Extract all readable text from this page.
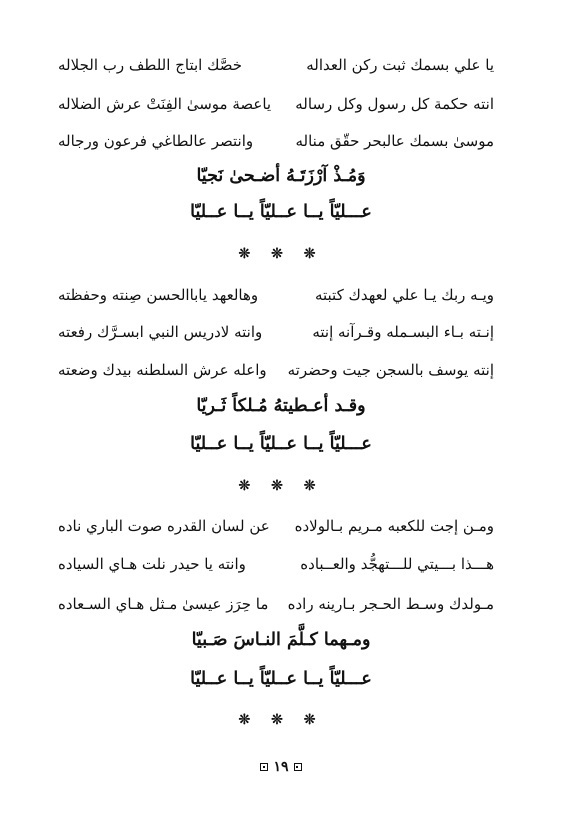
يا علي بسمك ثبت ركن العداله
خصَّك ابتاج اللطف رب الجلاله
انته حكمة كل رسول وكل رساله
ياعصة موسىٰ الفِنَتْ عرش الضلاله
موسىٰ بسمك عالبحر حقّق مناله
وانتصر عالطاغي فرعون ورجاله
وَمُـذْ آرْزَتَـهُ أضـحىٰ نَجيّا
عـــليّاً يــا عــليّاً يــا عــليّا
❊ ❊ ❊
ويـه ربك يـا علي لعهدك كتبته
وهالعهد ياباالحسن صِنته وحفظته
إنـته بـاء البسـمله وقـرآنه إنته
وانته لادريس النبي ابسـرَّك رفعته
إنته يوسف بالسجن جيت وحضرته
واعله عرش السلطنه بيدك وضعته
وقـد أعـطيتهُ مُـلكاً ثَـريّا
عـــليّاً يــا عــليّاً يــا عــليّا
❊ ❊ ❊
ومـن إجت للكعبه مـريم بـالولاده
عن لسان القدره صوت الباري ناده
هـــذا بـــيتي للـــتهجُّد والعــباده
وانته يا حيدر نلت هـاي السياده
مـولدك وسـط الحـجر بـارينه راده
ما حِرَز عيسىٰ مـثل هـاي السـعاده
ومـهما كـلَّمَ النـاسَ صَـبيّا
عـــليّاً يــا عــليّاً يــا عــليّا
❊ ❊ ❊
١٩
